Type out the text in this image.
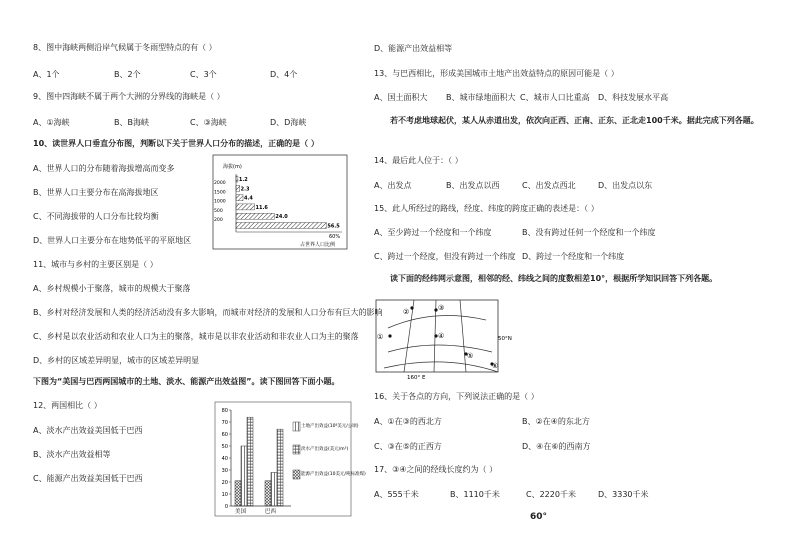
8、图中海峡两侧沿岸气候属于冬雨型特点的有（ ）
A、1个	B、2个	C、3个	D、4个
9、图中四海峡不属于两个大洲的分界线的海峡是（ ）
A、①海峡	B、B海峡	C、③海峡	D、D海峡
10、读世界人口垂直分布图，判断以下关于世界人口分布的描述，正确的是（ ）
A、世界人口的分布随着海拔增高而变多
B、世界人口主要分布在高海拔地区
C、不同海拔带的人口分布比较均衡
D、世界人口主要分布在地势低平的平原地区
海拔(m)
1.2
2000
2.3
1500
4.4
1000
11.6
500
24.0
200
56.5
60%
占世界人口比例
11、城市与乡村的主要区别是（ ）
A、乡村规模小于聚落，城市的规模大于聚落
B、乡村对经济发展和人类的经济活动没有多大影响，而城市对经济的发展和人口分布有巨大的影响
C、乡村是以农业活动和农业人口为主的聚落，城市是以非农业活动和非农业人口为主的聚落
D、乡村的区域差异明显，城市的区域差异明显
下图为“美国与巴西两国城市的土地、淡水、能源产出效益图”。读下图回答下面小题。
12、两国相比（ ）
A、淡水产出效益美国低于巴西
B、淡水产出效益相等
C、能源产出效益美国低于巴西
0
10
20
30
40
50
60
70
80
美国	巴西
土地产出效益(10⁸美元/公顷)
淡水产出效益(美元/m³)
能源产出效益(10美元/吨标准煤)
D、能源产出效益相等
13、与巴西相比，形成美国城市土地产出效益特点的原因可能是（ ）
A、国土面积大 B、城市绿地面积大 C、城市人口比重高 D、科技发展水平高
若不考虑地球起伏，某人从赤道出发，依次向正西、正南、正东、正北走100千米。据此完成下列各题。
14、最后此人位于：（ ）
A、出发点	B、出发点以西	C、出发点西北	D、出发点以东
15、此人所经过的路线，经度、纬度的跨度正确的表述是：（ ）
A、至少跨过一个经度和一个纬度	B、没有跨过任何一个经度和一个纬度
C、跨过一个经度，但没有跨过一个纬度 D、跨过一个经度和一个纬度
读下面的经纬网示意图，相邻的经、纬线之间的度数相差10°，根据所学知识回答下列各题。
①
②	③
④
⑤
⑥
50°N
160° E
16、关于各点的方向，下列说法正确的是（ ）
A、①在③的西北方	B、②在④的东北方
C、③在⑤的正西方	D、④在⑥的西南方
17、③④之间的经线长度约为（ ）
A、555千米	B、1110千米	C、2220千米	D、3330千米
60°
